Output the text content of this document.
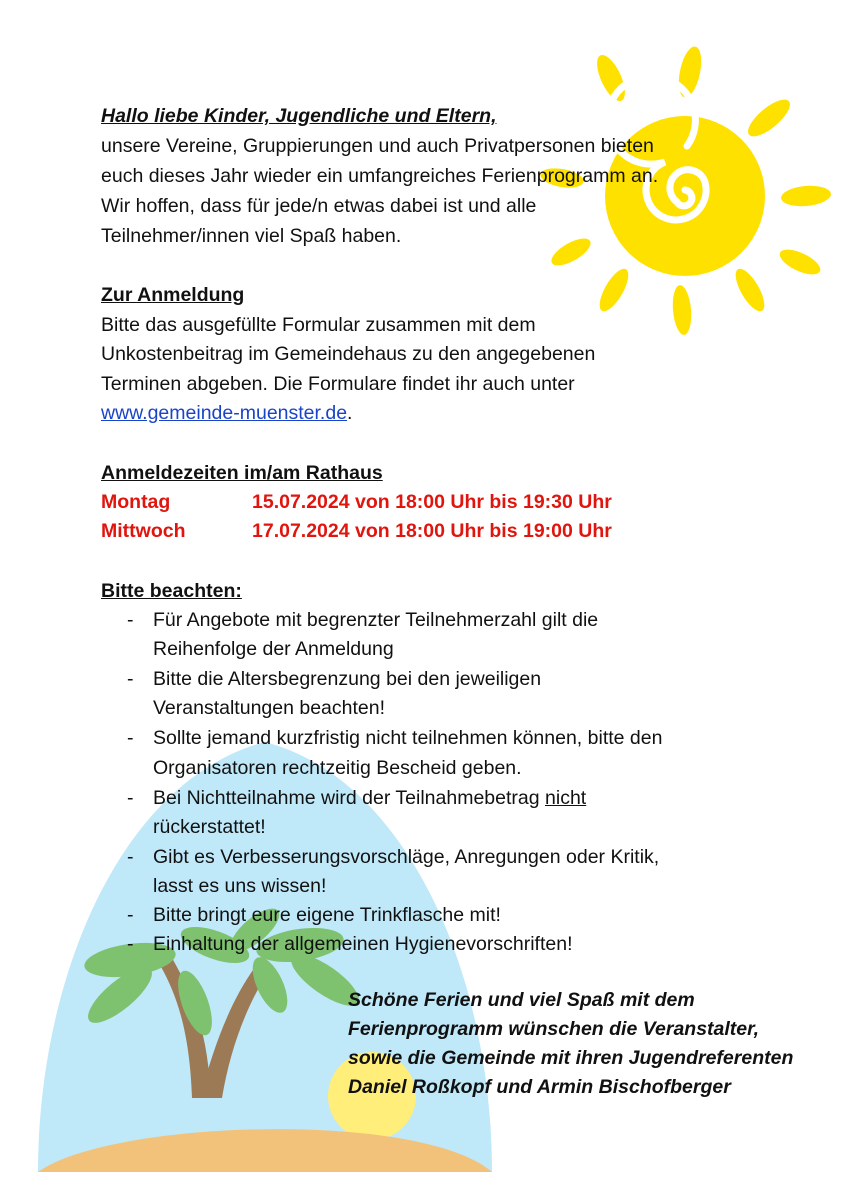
Hallo liebe Kinder, Jugendliche und Eltern,
unsere Vereine, Gruppierungen und auch Privatpersonen bieten
euch dieses Jahr wieder ein umfangreiches Ferienprogramm an.
Wir hoffen, dass für jede/n etwas dabei ist und alle
Teilnehmer/innen viel Spaß haben.
Zur Anmeldung
Bitte das ausgefüllte Formular zusammen mit dem
Unkostenbeitrag im Gemeindehaus zu den angegebenen
Terminen abgeben. Die Formulare findet ihr auch unter
www.gemeinde-muenster.de.
Anmeldezeiten im/am Rathaus
Montag	15.07.2024 von 18:00 Uhr bis 19:30 Uhr
Mittwoch	17.07.2024 von 18:00 Uhr bis 19:00 Uhr
Bitte beachten:
- Für Angebote mit begrenzter Teilnehmerzahl gilt die
Reihenfolge der Anmeldung
- Bitte die Altersbegrenzung bei den jeweiligen
Veranstaltungen beachten!
- Sollte jemand kurzfristig nicht teilnehmen können, bitte den
Organisatoren rechtzeitig Bescheid geben.
- Bei Nichtteilnahme wird der Teilnahmebetrag nicht
rückerstattet!
- Gibt es Verbesserungsvorschläge, Anregungen oder Kritik,
lasst es uns wissen!
- Bitte bringt eure eigene Trinkflasche mit!
- Einhaltung der allgemeinen Hygienevorschriften!
Schöne Ferien und viel Spaß mit dem
Ferienprogramm wünschen die Veranstalter,
sowie die Gemeinde mit ihren Jugendreferenten
Daniel Roßkopf und Armin Bischofberger
